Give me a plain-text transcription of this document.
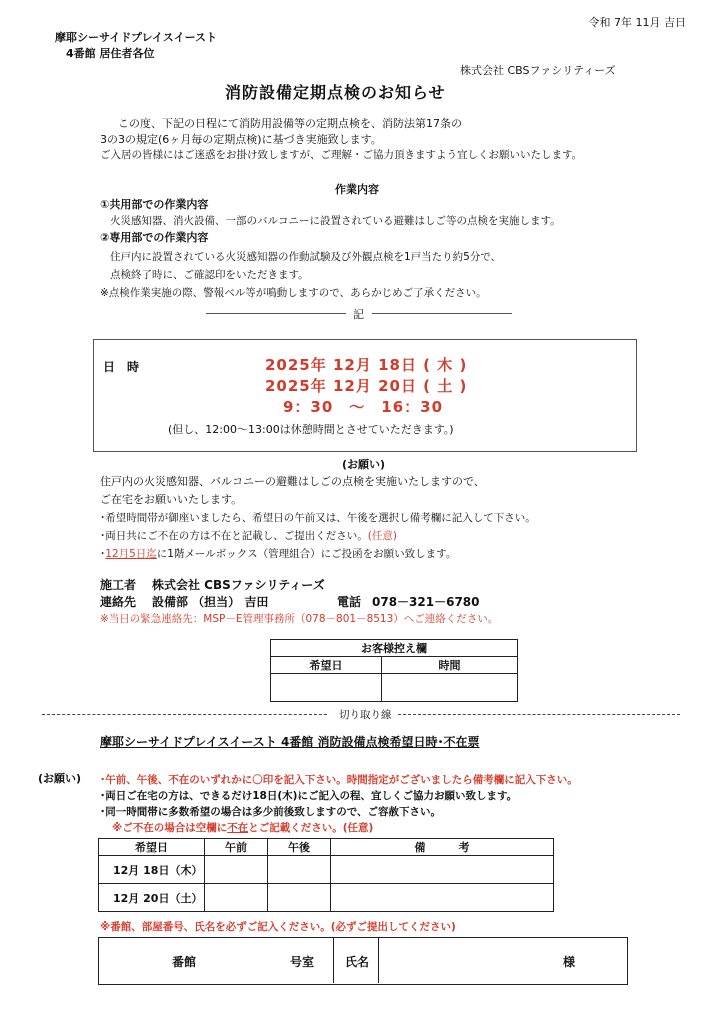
令和 7年 11月 吉日
摩耶シーサイドプレイスイースト
4番館 居住者各位
株式会社 CBSファシリティーズ
消防設備定期点検のお知らせ
この度、下記の日程にて消防用設備等の定期点検を、消防法第17条の
3の3の規定(6ヶ月毎の定期点検)に基づき実施致します。
ご入居の皆様にはご迷惑をお掛け致しますが、ご理解・ご協力頂きますよう宜しくお願いいたします。
作業内容
①共用部での作業内容
火災感知器、消火設備、一部のバルコニーに設置されている避難はしご等の点検を実施します。
②専用部での作業内容
住戸内に設置されている火災感知器の作動試験及び外観点検を1戸当たり約5分で、
点検終了時に、ご確認印をいただきます。
※点検作業実施の際、警報ベル等が鳴動しますので、あらかじめご了承ください。
記
日　時	2025年 12月 18日 ( 木 )
2025年 12月 20日 ( 土 )
9：30　～　16：30
(但し、12:00～13:00は休憩時間とさせていただきます。)
(お願い)
住戸内の火災感知器、バルコニーの避難はしごの点検を実施いたしますので、
ご在宅をお願いいたします。
･希望時間帯が御座いましたら、希望日の午前又は、午後を選択し備考欄に記入して下さい。
･両日共にご不在の方は不在と記載し、ご提出ください。(任意)
･12月5日迄に1階メールボックス（管理組合）にご投函をお願い致します。
施工者 株式会社 CBSファシリティーズ
連絡先 設備部 （担当） 吉田	電話 078－321－6780
※当日の緊急連絡先：MSP－E管理事務所（078－801－8513）へご連絡ください。
お客様控え欄	
希望日	時間

切り取り線
摩耶シーサイドプレイスイースト 4番館 消防設備点検希望日時･不在票
(お願い) ･午前、午後、不在のいずれかに〇印を記入下さい。時間指定がございましたら備考欄に記入下さい。
･両日ご在宅の方は、できるだけ18日(木)にご記入の程、宜しくご協力お願い致します。
･同一時間帯に多数希望の場合は多少前後致しますので、ご容赦下さい。
※ご不在の場合は空欄に不在とご記載ください。(任意)
希望日	午前	午後	備　　　考
12月 18日（木）			
12月 20日（土）			
※番館、部屋番号、氏名を必ずご記入ください。(必ずご提出してください)
番館	号室	氏名	様
